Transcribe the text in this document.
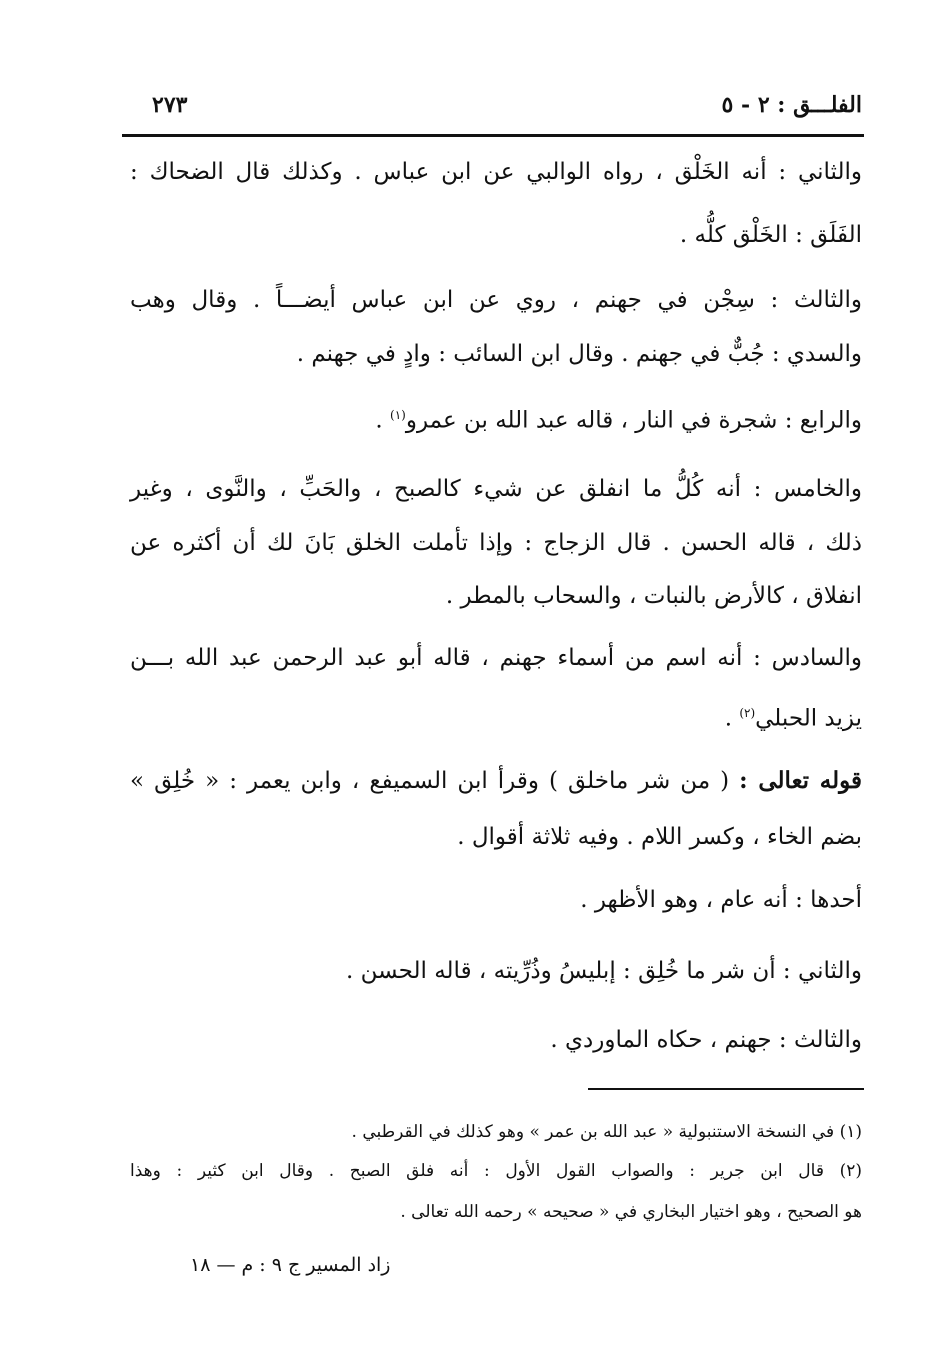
الفلـــق : ٢ - ٥
٢٧٣
والثاني : أنه الخَلْق ، رواه الوالبي عن ابن عباس . وكذلك قال الضحاك :
الفَلَق : الخَلْق كلُّه .
والثالث : سِجْن في جهنم ، روي عن ابن عباس أيضـــاً . وقال وهب
والسدي : جُبٌّ في جهنم . وقال ابن السائب : وادٍ في جهنم .
والرابع : شجرة في النار ، قاله عبد الله بن عمرو$^{(١)}$ .
والخامس : أنه كُلُّ ما انفلق عن شيء كالصبح ، والحَبِّ ، والنَّوى ، وغير
ذلك ، قاله الحسن . قال الزجاج : وإذا تأملت الخلق بَانَ لك أن أكثره عن
انفلاق ، كالأرض بالنبات ، والسحاب بالمطر .
والسادس : أنه اسم من أسماء جهنم ، قاله أبو عبد الرحمن عبد الله بـــن
يزيد الحبلي$^{(٢)}$ .
قوله تعالى : ( من شر ماخلق ) وقرأ ابن السميفع ، وابن يعمر : « خُلِق »
بضم الخاء ، وكسر اللام . وفيه ثلاثة أقوال .
أحدها : أنه عام ، وهو الأظهر .
والثاني : أن شر ما خُلِق : إبليسُ وذُرِّيته ، قاله الحسن .
والثالث : جهنم ، حكاه الماوردي .
(١) في النسخة الاستنبولية « عبد الله بن عمر » وهو كذلك في القرطبي .
(٢) قال ابن جرير : والصواب القول الأول : أنه فلق الصبح . وقال ابن كثير : وهذا
هو الصحيح ، وهو اختيار البخاري في « صحيحه » رحمه الله تعالى .
زاد المسير ج ٩ : م — ١٨
